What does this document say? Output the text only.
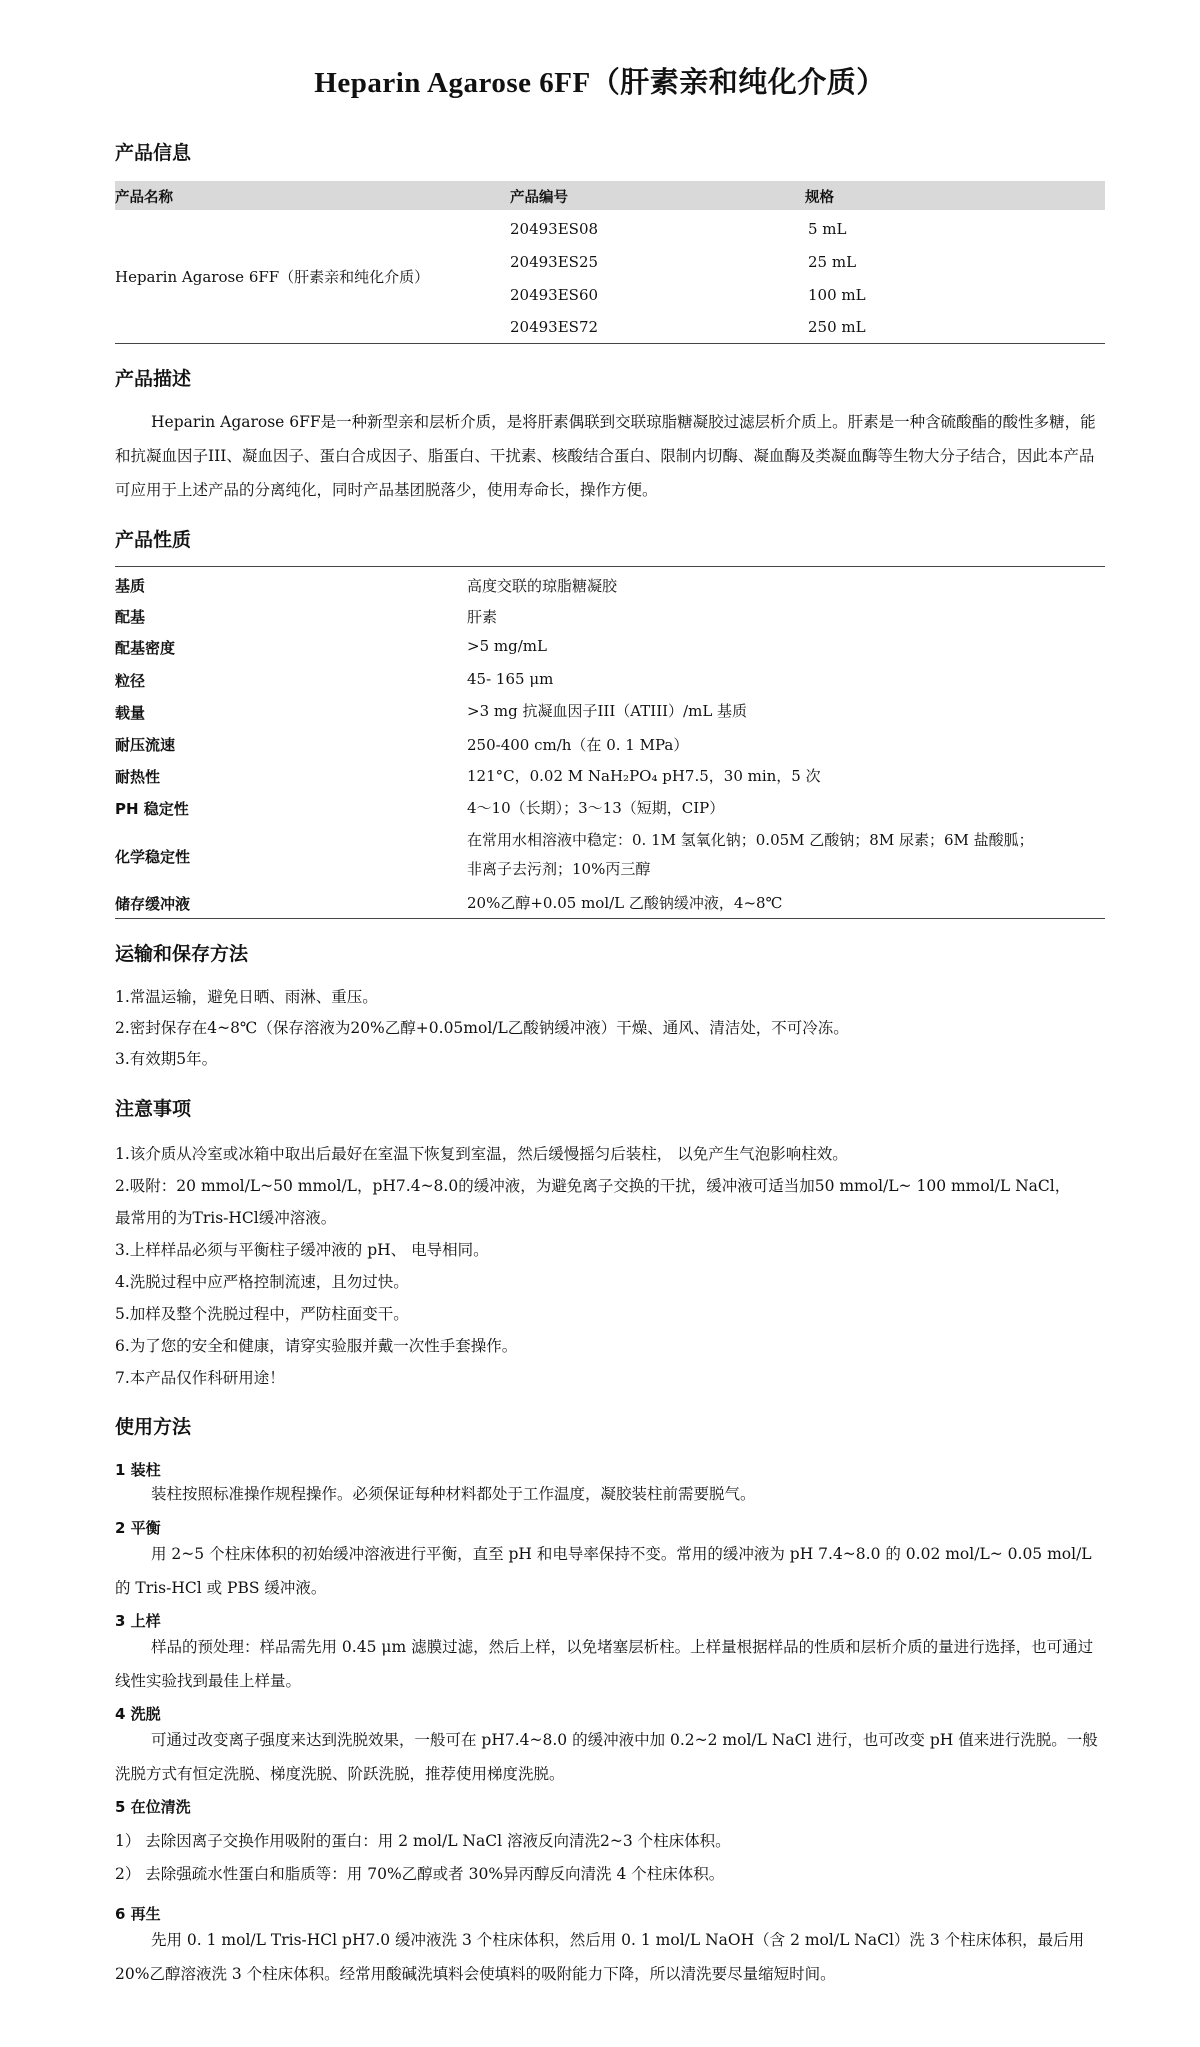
Heparin Agarose 6FF（肝素亲和纯化介质）
产品信息
产品名称	产品编号	规格
Heparin Agarose 6FF（肝素亲和纯化介质）
20493ES08	5 mL
20493ES25	25 mL
20493ES60	100 mL
20493ES72	250 mL
产品描述
Heparin Agarose 6FF是一种新型亲和层析介质，是将肝素偶联到交联琼脂糖凝胶过滤层析介质上。肝素是一种含硫酸酯的酸性多糖，能和抗凝血因子III、凝血因子、蛋白合成因子、脂蛋白、干扰素、核酸结合蛋白、限制内切酶、凝血酶及类凝血酶等生物大分子结合，因此本产品可应用于上述产品的分离纯化，同时产品基团脱落少，使用寿命长，操作方便。
产品性质
基质	高度交联的琼脂糖凝胶
配基	肝素
配基密度	>5 mg/mL
粒径	45- 165 μm
载量	>3 mg 抗凝血因子III（ATIII）/mL 基质
耐压流速	250-400 cm/h（在 0. 1 MPa）
耐热性	121°C，0.02 M NaH₂PO₄ pH7.5，30 min，5 次
PH 稳定性	4～10（长期）；3～13（短期，CIP）
化学稳定性
在常用水相溶液中稳定：0. 1M 氢氧化钠；0.05M 乙酸钠；8M 尿素；6M 盐酸胍；
非离子去污剂；10%丙三醇
储存缓冲液	20%乙醇+0.05 mol/L 乙酸钠缓冲液，4~8℃
运输和保存方法
1.常温运输，避免日晒、雨淋、重压。
2.密封保存在4~8℃（保存溶液为20%乙醇+0.05mol/L乙酸钠缓冲液）干燥、通风、清洁处，不可冷冻。
3.有效期5年。
注意事项
1.该介质从冷室或冰箱中取出后最好在室温下恢复到室温，然后缓慢摇匀后装柱， 以免产生气泡影响柱效。
2.吸附：20 mmol/L~50 mmol/L，pH7.4~8.0的缓冲液，为避免离子交换的干扰，缓冲液可适当加50 mmol/L~ 100 mmol/L NaCl，
最常用的为Tris-HCl缓冲溶液。
3.上样样品必须与平衡柱子缓冲液的 pH、 电导相同。
4.洗脱过程中应严格控制流速，且勿过快。
5.加样及整个洗脱过程中，严防柱面变干。
6.为了您的安全和健康，请穿实验服并戴一次性手套操作。
7.本产品仅作科研用途！
使用方法
1 装柱
装柱按照标准操作规程操作。必须保证每种材料都处于工作温度，凝胶装柱前需要脱气。
2 平衡
用 2~5 个柱床体积的初始缓冲溶液进行平衡，直至 pH 和电导率保持不变。常用的缓冲液为 pH 7.4~8.0 的 0.02 mol/L~ 0.05 mol/L 的 Tris-HCl 或 PBS 缓冲液。
3 上样
样品的预处理：样品需先用 0.45 μm 滤膜过滤，然后上样，以免堵塞层析柱。上样量根据样品的性质和层析介质的量进行选择，也可通过线性实验找到最佳上样量。
4 洗脱
可通过改变离子强度来达到洗脱效果，一般可在 pH7.4~8.0 的缓冲液中加 0.2~2 mol/L NaCl 进行，也可改变 pH 值来进行洗脱。一般洗脱方式有恒定洗脱、梯度洗脱、阶跃洗脱，推荐使用梯度洗脱。
5 在位清洗
1） 去除因离子交换作用吸附的蛋白：用 2 mol/L NaCl 溶液反向清洗2~3 个柱床体积。
2） 去除强疏水性蛋白和脂质等：用 70%乙醇或者 30%异丙醇反向清洗 4 个柱床体积。
6 再生
先用 0. 1 mol/L Tris-HCl pH7.0 缓冲液洗 3 个柱床体积，然后用 0. 1 mol/L NaOH（含 2 mol/L NaCl）洗 3 个柱床体积，最后用 20%乙醇溶液洗 3 个柱床体积。经常用酸碱洗填料会使填料的吸附能力下降，所以清洗要尽量缩短时间。
